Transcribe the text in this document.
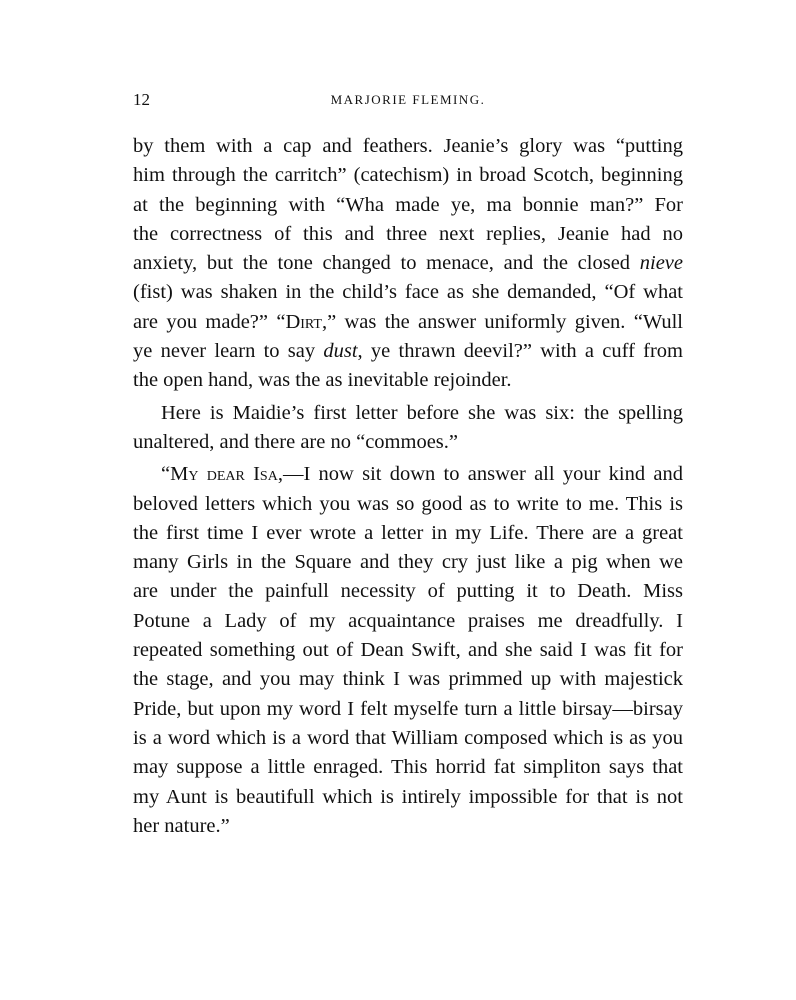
12	MARJORIE FLEMING.
by them with a cap and feathers. Jeanie’s glory was “putting
him through the carritch” (catechism) in broad Scotch, beginning
at the beginning with “Wha made ye, ma bonnie man?” For
the correctness of this and three next replies, Jeanie had no
anxiety, but the tone changed to menace, and the closed nieve
(fist) was shaken in the child’s face as she demanded, “Of what
are you made?” “Dirt,” was the answer uniformly given. “Wull
ye never learn to say dust, ye thrawn deevil?” with a cuff from
the open hand, was the as inevitable rejoinder.
Here is Maidie’s first letter before she was six: the spelling
unaltered, and there are no “commoes.”
“My dear Isa,—I now sit down to answer all your kind and
beloved letters which you was so good as to write to me. This is
the first time I ever wrote a letter in my Life. There are a great
many Girls in the Square and they cry just like a pig when we
are under the painfull necessity of putting it to Death. Miss
Potune a Lady of my acquaintance praises me dreadfully. I
repeated something out of Dean Swift, and she said I was fit for
the stage, and you may think I was primmed up with majestick
Pride, but upon my word I felt myselfe turn a little birsay—birsay
is a word which is a word that William composed which is as you
may suppose a little enraged. This horrid fat simpliton says that
my Aunt is beautifull which is intirely impossible for that is not
her nature.”
